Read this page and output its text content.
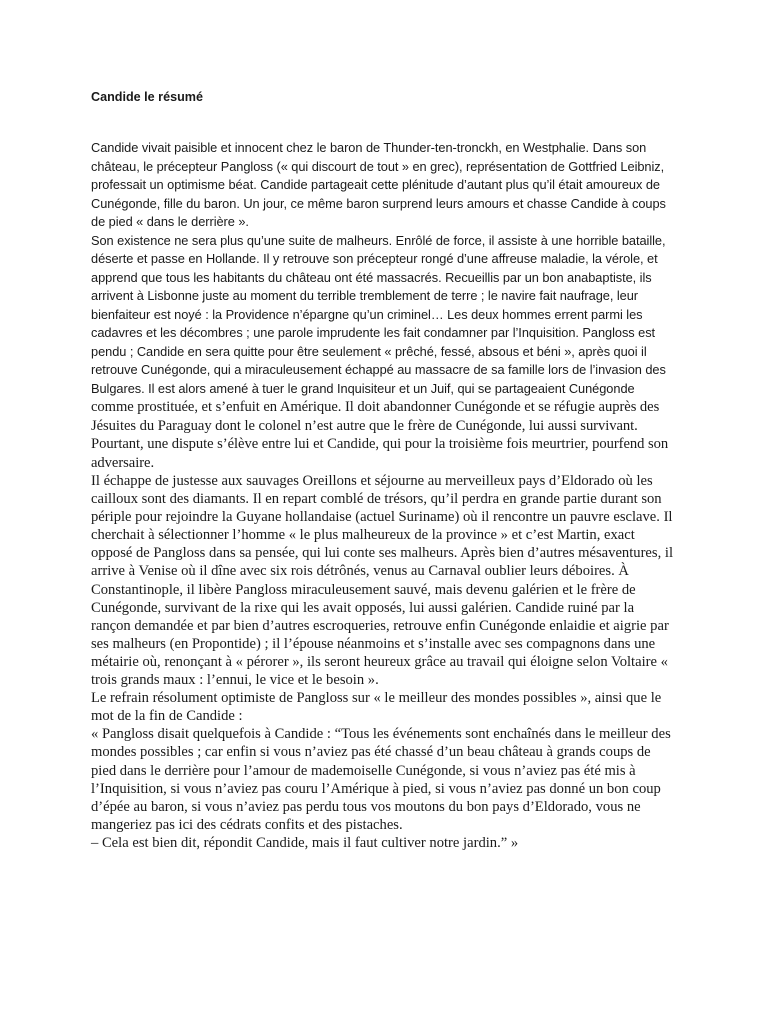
Candide le résumé

Candide vivait paisible et innocent chez le baron de Thunder-ten-tronckh, en Westphalie. Dans son château, le précepteur Pangloss (« qui discourt de tout » en grec), représentation de Gottfried Leibniz, professait un optimisme béat. Candide partageait cette plénitude d’autant plus qu’il était amoureux de Cunégonde, fille du baron. Un jour, ce même baron surprend leurs amours et chasse Candide à coups de pied « dans le derrière ».

Son existence ne sera plus qu’une suite de malheurs. Enrôlé de force, il assiste à une horrible bataille, déserte et passe en Hollande. Il y retrouve son précepteur rongé d’une affreuse maladie, la vérole, et apprend que tous les habitants du château ont été massacrés. Recueillis par un bon anabaptiste, ils arrivent à Lisbonne juste au moment du terrible tremblement de terre ; le navire fait naufrage, leur bienfaiteur est noyé : la Providence n’épargne qu’un criminel… Les deux hommes errent parmi les cadavres et les décombres ; une parole imprudente les fait condamner par l’Inquisition. Pangloss est pendu ; Candide en sera quitte pour être seulement « prêché, fessé, absous et béni », après quoi il retrouve Cunégonde, qui a miraculeusement échappé au massacre de sa famille lors de l’invasion des Bulgares. Il est alors amené à tuer le grand Inquisiteur et un Juif, qui se partageaient Cunégonde comme prostituée, et s’enfuit en Amérique. Il doit abandonner Cunégonde et se réfugie auprès des Jésuites du Paraguay dont le colonel n’est autre que le frère de Cunégonde, lui aussi survivant. Pourtant, une dispute s’élève entre lui et Candide, qui pour la troisième fois meurtrier, pourfend son adversaire.

Il échappe de justesse aux sauvages Oreillons et séjourne au merveilleux pays d’Eldorado où les cailloux sont des diamants. Il en repart comblé de trésors, qu’il perdra en grande partie durant son périple pour rejoindre la Guyane hollandaise (actuel Suriname) où il rencontre un pauvre esclave. Il cherchait à sélectionner l’homme « le plus malheureux de la province » et c’est Martin, exact opposé de Pangloss dans sa pensée, qui lui conte ses malheurs. Après bien d’autres mésaventures, il arrive à Venise où il dîne avec six rois détrônés, venus au Carnaval oublier leurs déboires. À Constantinople, il libère Pangloss miraculeusement sauvé, mais devenu galérien et le frère de Cunégonde, survivant de la rixe qui les avait opposés, lui aussi galérien. Candide ruiné par la rançon demandée et par bien d’autres escroqueries, retrouve enfin Cunégonde enlaidie et aigrie par ses malheurs (en Propontide) ; il l’épouse néanmoins et s’installe avec ses compagnons dans une métairie où, renonçant à « pérorer », ils seront heureux grâce au travail qui éloigne selon Voltaire « trois grands maux : l’ennui, le vice et le besoin ».

Le refrain résolument optimiste de Pangloss sur « le meilleur des mondes possibles », ainsi que le mot de la fin de Candide :

« Pangloss disait quelquefois à Candide : “Tous les événements sont enchaînés dans le meilleur des mondes possibles ; car enfin si vous n’aviez pas été chassé d’un beau château à grands coups de pied dans le derrière pour l’amour de mademoiselle Cunégonde, si vous n’aviez pas été mis à l’Inquisition, si vous n’aviez pas couru l’Amérique à pied, si vous n’aviez pas donné un bon coup d’épée au baron, si vous n’aviez pas perdu tous vos moutons du bon pays d’Eldorado, vous ne mangeriez pas ici des cédrats confits et des pistaches.

– Cela est bien dit, répondit Candide, mais il faut cultiver notre jardin.” »
